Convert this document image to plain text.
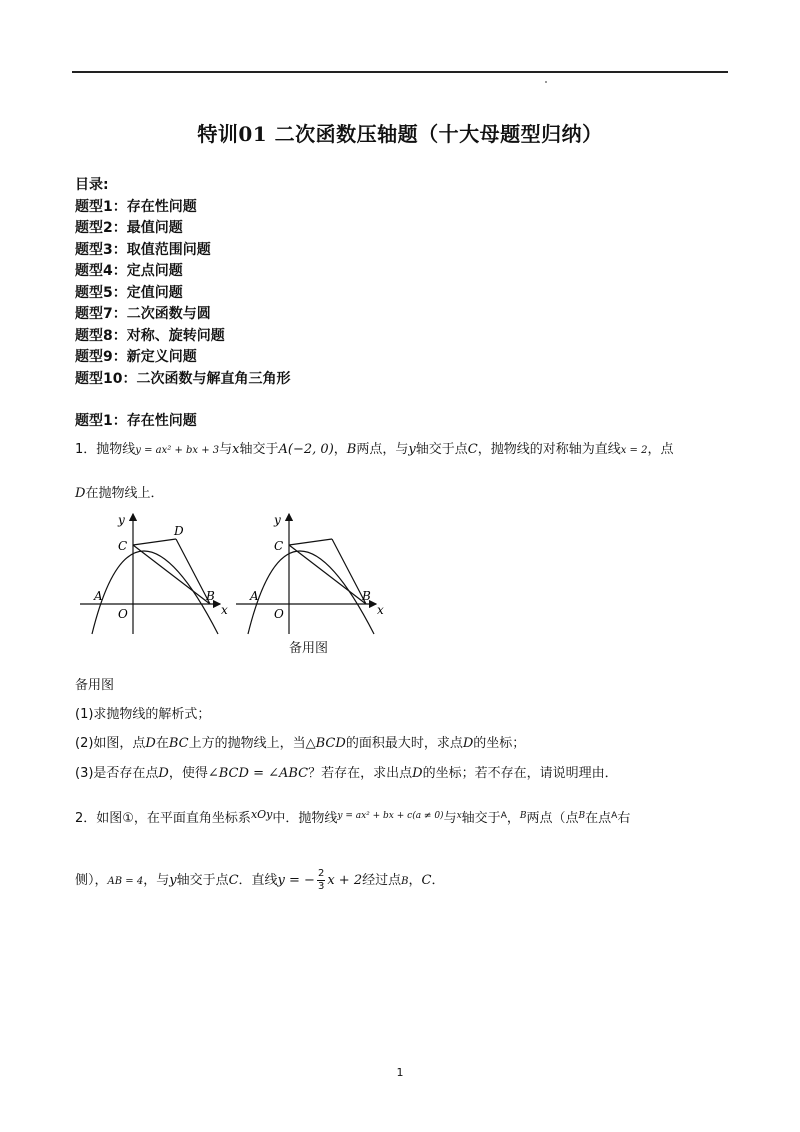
特训01 二次函数压轴题（十大母题型归纳）
目录:
题型1：存在性问题
题型2：最值问题
题型3：取值范围问题
题型4：定点问题
题型5：定值问题
题型7：二次函数与圆
题型8：对称、旋转问题
题型9：新定义问题
题型10：二次函数与解直角三角形
题型1：存在性问题
1．抛物线y = ax² + bx + 3与x轴交于A(−2, 0)，B两点，与y轴交于点C，抛物线的对称轴为直线x = 2，点
D在抛物线上．
y
x
O
A	B
C
D
y
x
O
A	B
C
备用图
备用图
(1)求抛物线的解析式；
(2)如图，点D在BC上方的抛物线上，当△BCD的面积最大时，求点D的坐标；
(3)是否存在点D，使得∠BCD = ∠ABC？若存在，求出点D的坐标；若不存在，请说明理由．
2．如图①，在平面直角坐标系$^{xOy}$中．抛物线$^{y = ax^2 + bx + c(a \ne 0)}$与$^x$轴交于$^A$，$^B$两点（点$^B$在点$^A$右
侧），AB = 4，与y轴交于点C．直线y = − $\frac{2}{3}$ x + 2经过点B，C．
1
